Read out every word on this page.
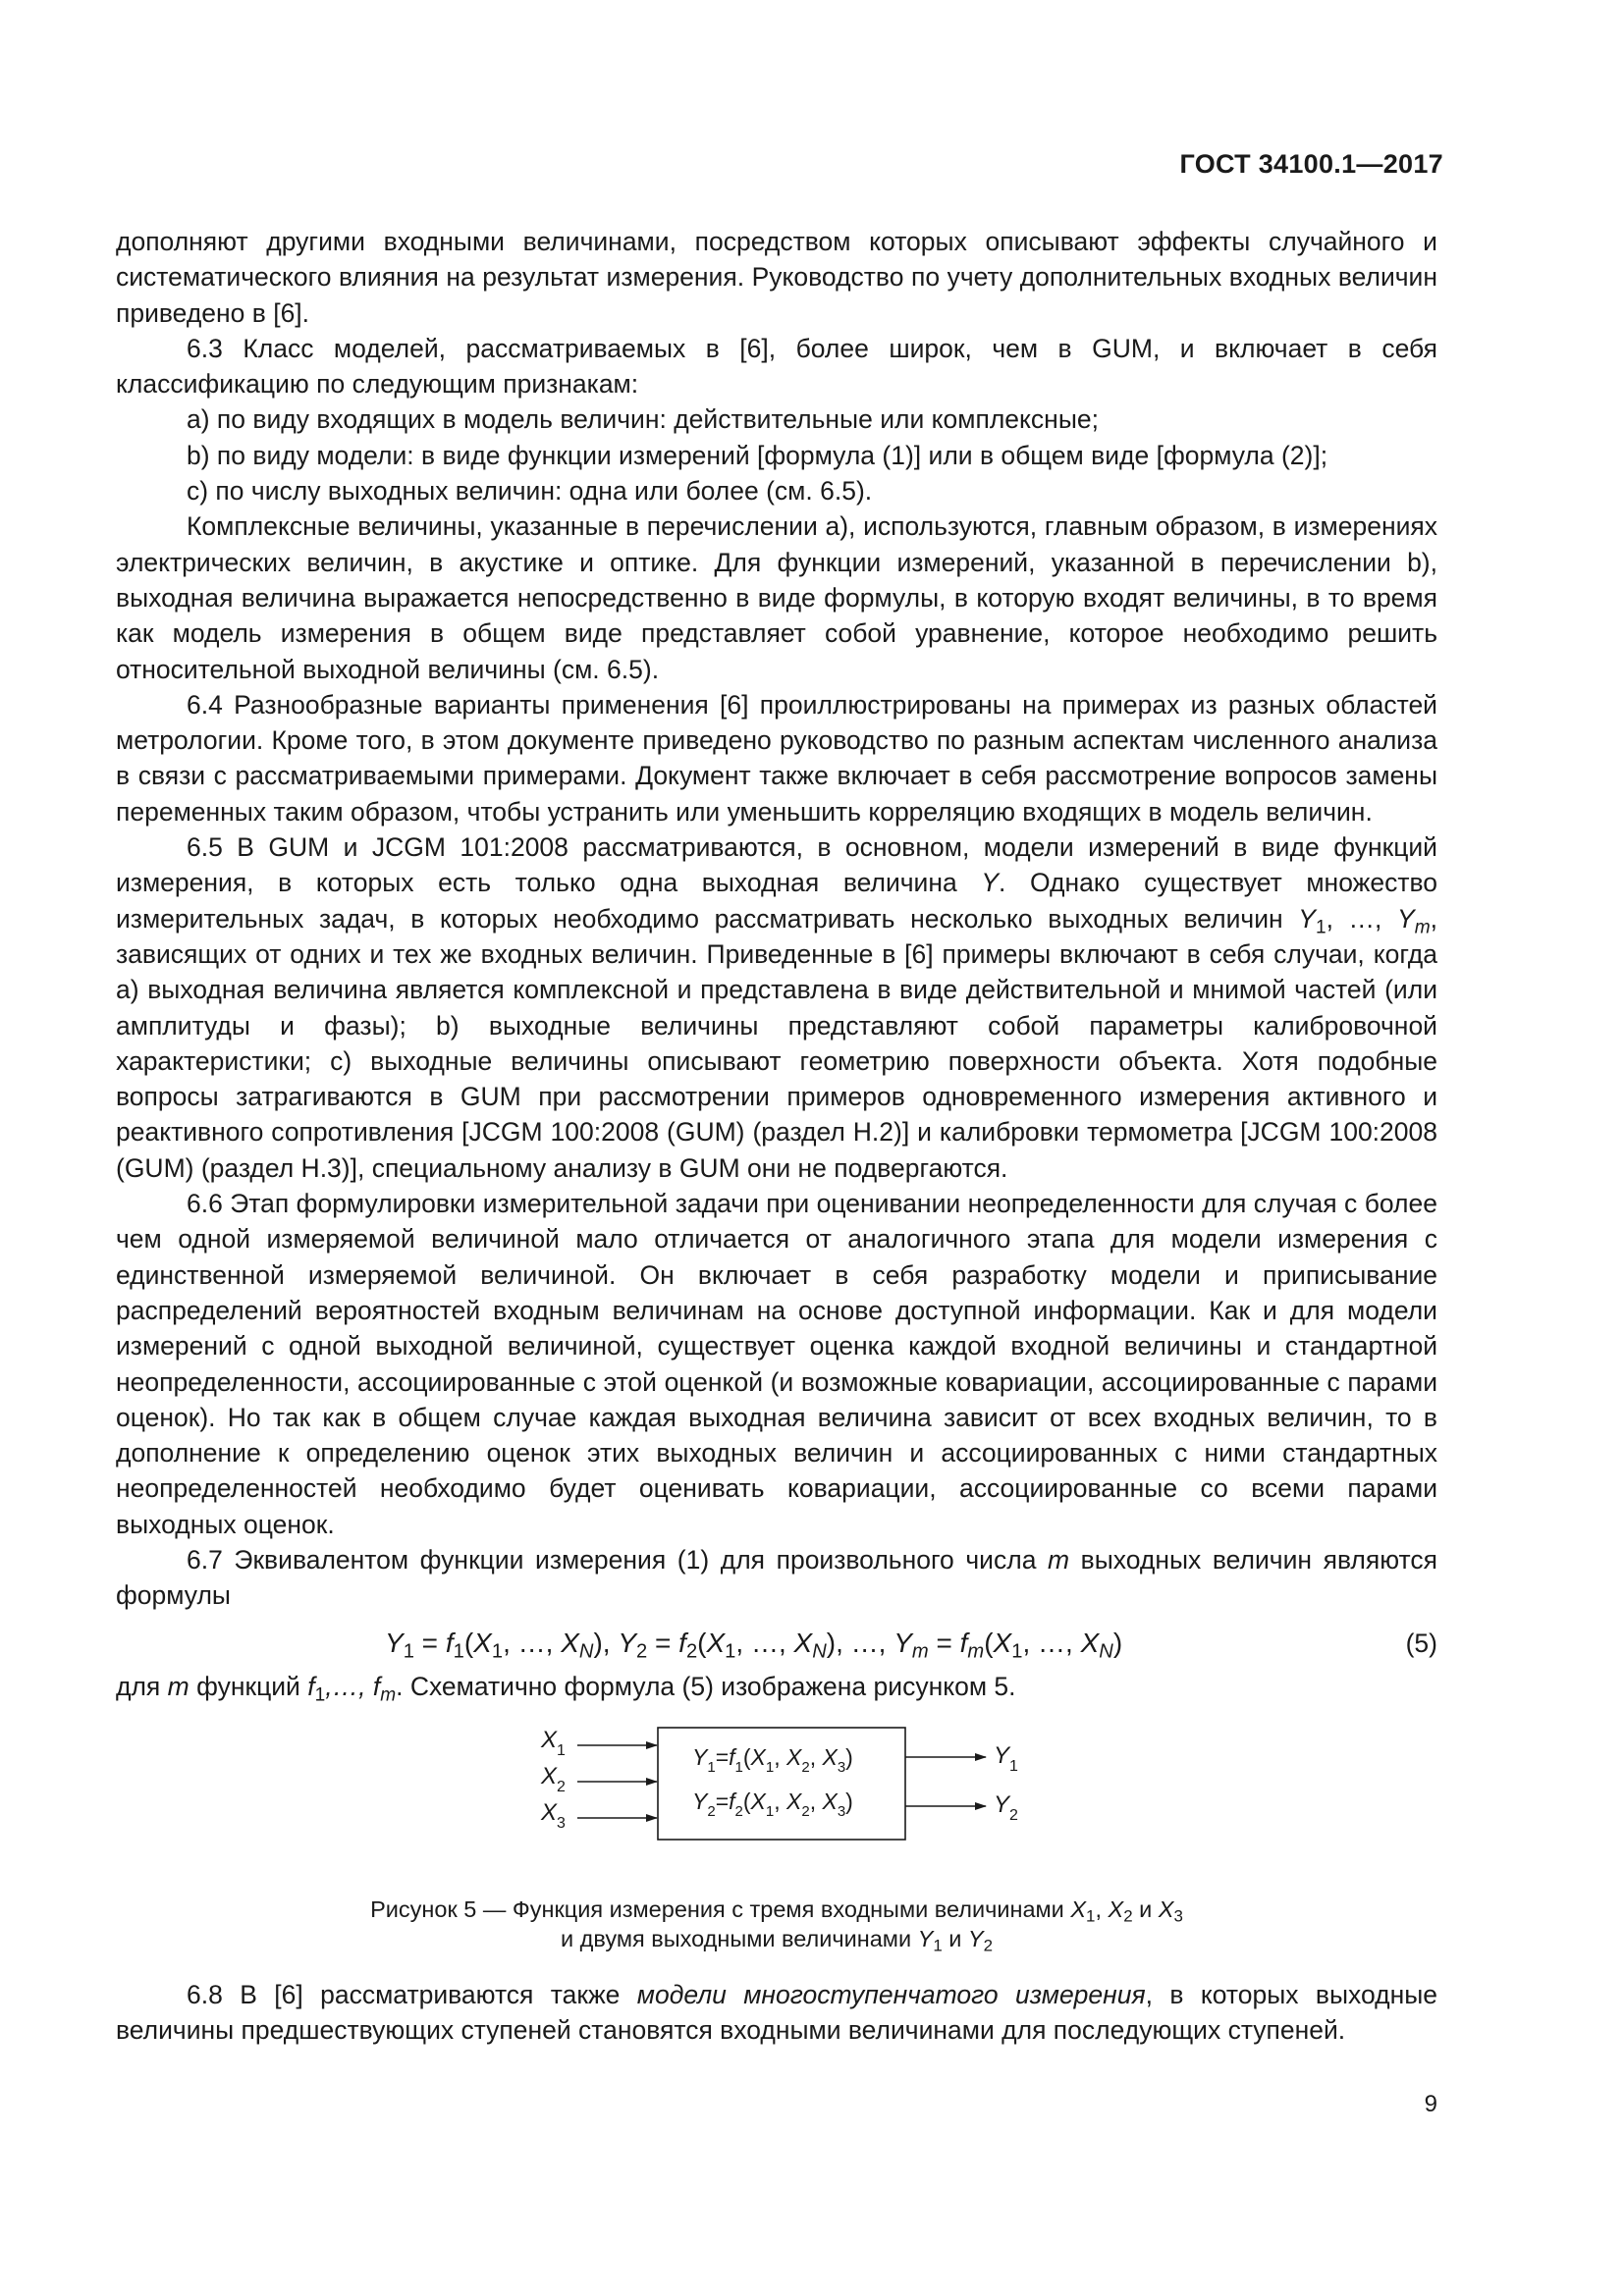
ГОСТ 34100.1—2017

дополняют другими входными величинами, посредством которых описывают эффекты случайного и систематического влияния на результат измерения. Руководство по учету дополнительных входных величин приведено в [6].

6.3 Класс моделей, рассматриваемых в [6], более широк, чем в GUM, и включает в себя классификацию по следующим признакам:

a) по виду входящих в модель величин: действительные или комплексные;

b) по виду модели: в виде функции измерений [формула (1)] или в общем виде [формула (2)];

c) по числу выходных величин: одна или более (см. 6.5).

Комплексные величины, указанные в перечислении а), используются, главным образом, в измерениях электрических величин, в акустике и оптике. Для функции измерений, указанной в перечислении b), выходная величина выражается непосредственно в виде формулы, в которую входят величины, в то время как модель измерения в общем виде представляет собой уравнение, которое необходимо решить относительной выходной величины (см. 6.5).

6.4 Разнообразные варианты применения [6] проиллюстрированы на примерах из разных областей метрологии. Кроме того, в этом документе приведено руководство по разным аспектам численного анализа в связи с рассматриваемыми примерами. Документ также включает в себя рассмотрение вопросов замены переменных таким образом, чтобы устранить или уменьшить корреляцию входящих в модель величин.

6.5 В GUM и JCGM 101:2008 рассматриваются, в основном, модели измерений в виде функций измерения, в которых есть только одна выходная величина Y. Однако существует множество измерительных задач, в которых необходимо рассматривать несколько выходных величин $Y_1$, …, $Y_m$, зависящих от одних и тех же входных величин. Приведенные в [6] примеры включают в себя случаи, когда а) выходная величина является комплексной и представлена в виде действительной и мнимой частей (или амплитуды и фазы); b) выходные величины представляют собой параметры калибровочной характеристики; с) выходные величины описывают геометрию поверхности объекта. Хотя подобные вопросы затрагиваются в GUM при рассмотрении примеров одновременного измерения активного и реактивного сопротивления [JCGM 100:2008 (GUM) (раздел H.2)] и калибровки термометра [JCGM 100:2008 (GUM) (раздел H.3)], специальному анализу в GUM они не подвергаются.

6.6 Этап формулировки измерительной задачи при оценивании неопределенности для случая с более чем одной измеряемой величиной мало отличается от аналогичного этапа для модели измерения с единственной измеряемой величиной. Он включает в себя разработку модели и приписывание распределений вероятностей входным величинам на основе доступной информации. Как и для модели измерений с одной выходной величиной, существует оценка каждой входной величины и стандартной неопределенности, ассоциированные с этой оценкой (и возможные ковариации, ассоциированные с парами оценок). Но так как в общем случае каждая выходная величина зависит от всех входных величин, то в дополнение к определению оценок этих выходных величин и ассоциированных с ними стандартных неопределенностей необходимо будет оценивать ковариации, ассоциированные со всеми парами выходных оценок.

6.7 Эквивалентом функции измерения (1) для произвольного числа m выходных величин являются формулы

$Y_1 = f_1(X_1$, …, $X_N$), $Y_2 = f_2(X_1$, …, $X_N$), …, $Y_m = f_m(X_1$, …, $X_N$)	(5)

для m функций $f_1,\dots$, $f_m$. Схематично формула (5) изображена рисунком 5.

$X_1$
$X_2$
$X_3$
$Y_1$
$Y_2$
$Y_1=f_1(X_1$, $X_2$, $X_3$)
$Y_2=f_2(X_1$, $X_2$, $X_3$)
Рисунок 5 — Функция измерения с тремя входными величинами $X_1$, $X_2$ и $X_3$
и двумя выходными величинами $Y_1$ и $Y_2$

6.8 В [6] рассматриваются также модели многоступенчатого измерения, в которых выходные величины предшествующих ступеней становятся входными величинами для последующих ступеней.

9
